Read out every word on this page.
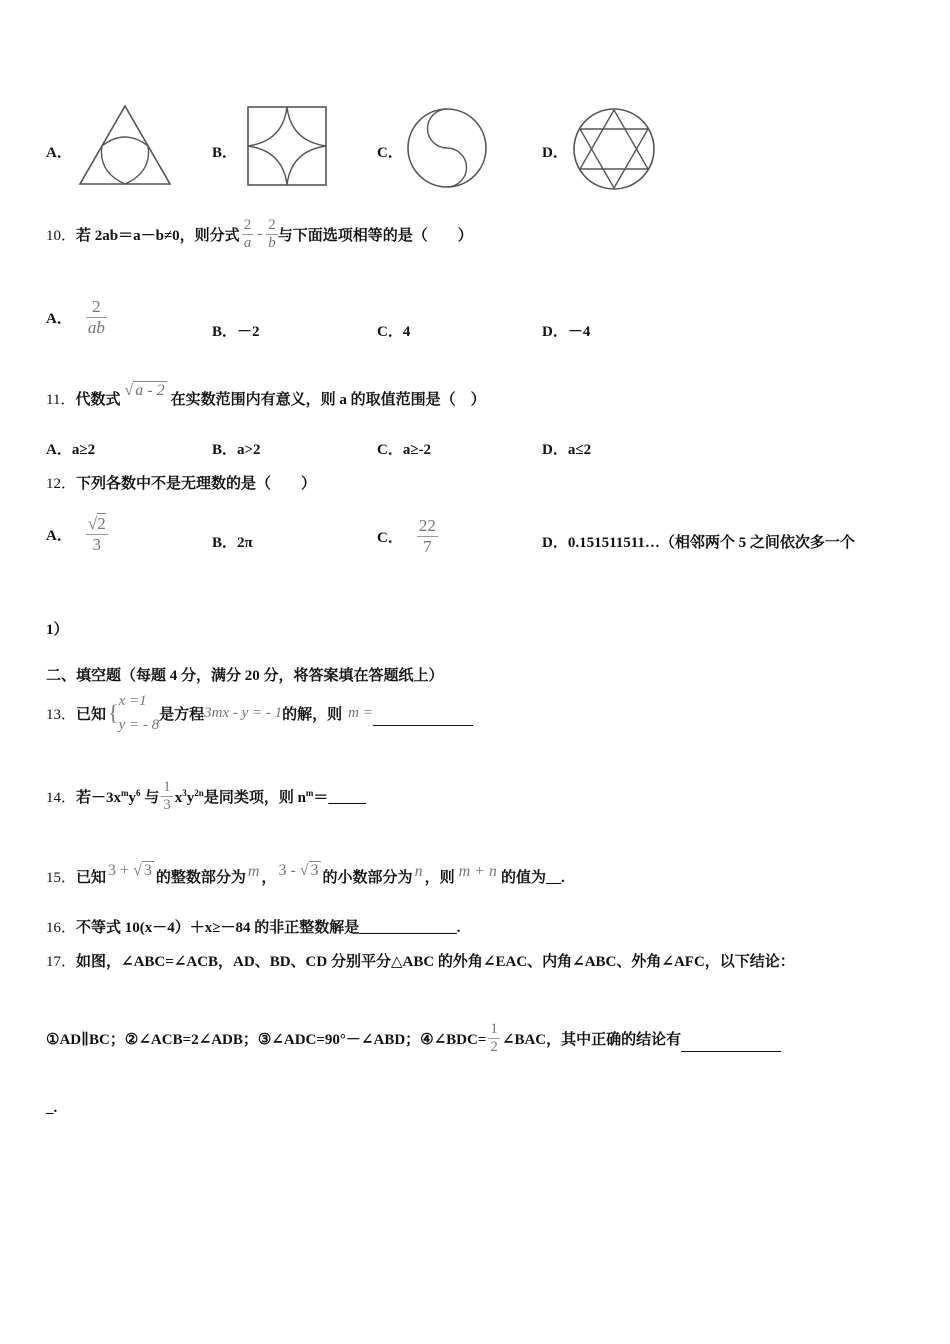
A．	B．	C．	D．
10． 若 2ab＝a－b≠0，则分式 $\frac{2}{a} - \frac{2}{b}$ 与下面选项相等的是（　　）
A． $\frac{2}{ab}$	B．－2	C．4	D．－4
11． 代数式
√ a - 2
在实数范围内有意义，则 a 的取值范围是（　）
A．a≥2	B．a>2	C．a≥-2	D．a≤2
12．下列各数中不是无理数的是（　　）
A． $\frac{√2}{3}$	B．2π	C． $\frac{22}{7}$	D．0.151511511…（相邻两个 5 之间依次多一个
1）
二、填空题（每题 4 分，满分 20 分，将答案填在答题纸上）
13． 已知 { x =1
y = - 8
是方程 3mx - y = - 1 的解，则 m =
14． 若$-3x^my^6$ 与 $\frac{1}{3} x^3y^{2n}$是同类项，则 $n^m=\_\_\_\_\_$
15． 已知 3 + √ 3 的整数部分为 m ， 3 - √ 3 的小数部分为 n ，则 m + n 的值为__.
16．不等式 10(x－4）＋x≥－84 的非正整数解是_____________.
17．如图，∠ABC=∠ACB，AD、BD、CD 分别平分△ABC 的外角∠EAC、内角∠ABC、外角∠AFC，以下结论：
①AD∥BC；②∠ACB=2∠ADB；③∠ADC=90°－∠ABD；④∠BDC= $\frac{1}{2}$ ∠BAC，其中正确的结论有
_.
